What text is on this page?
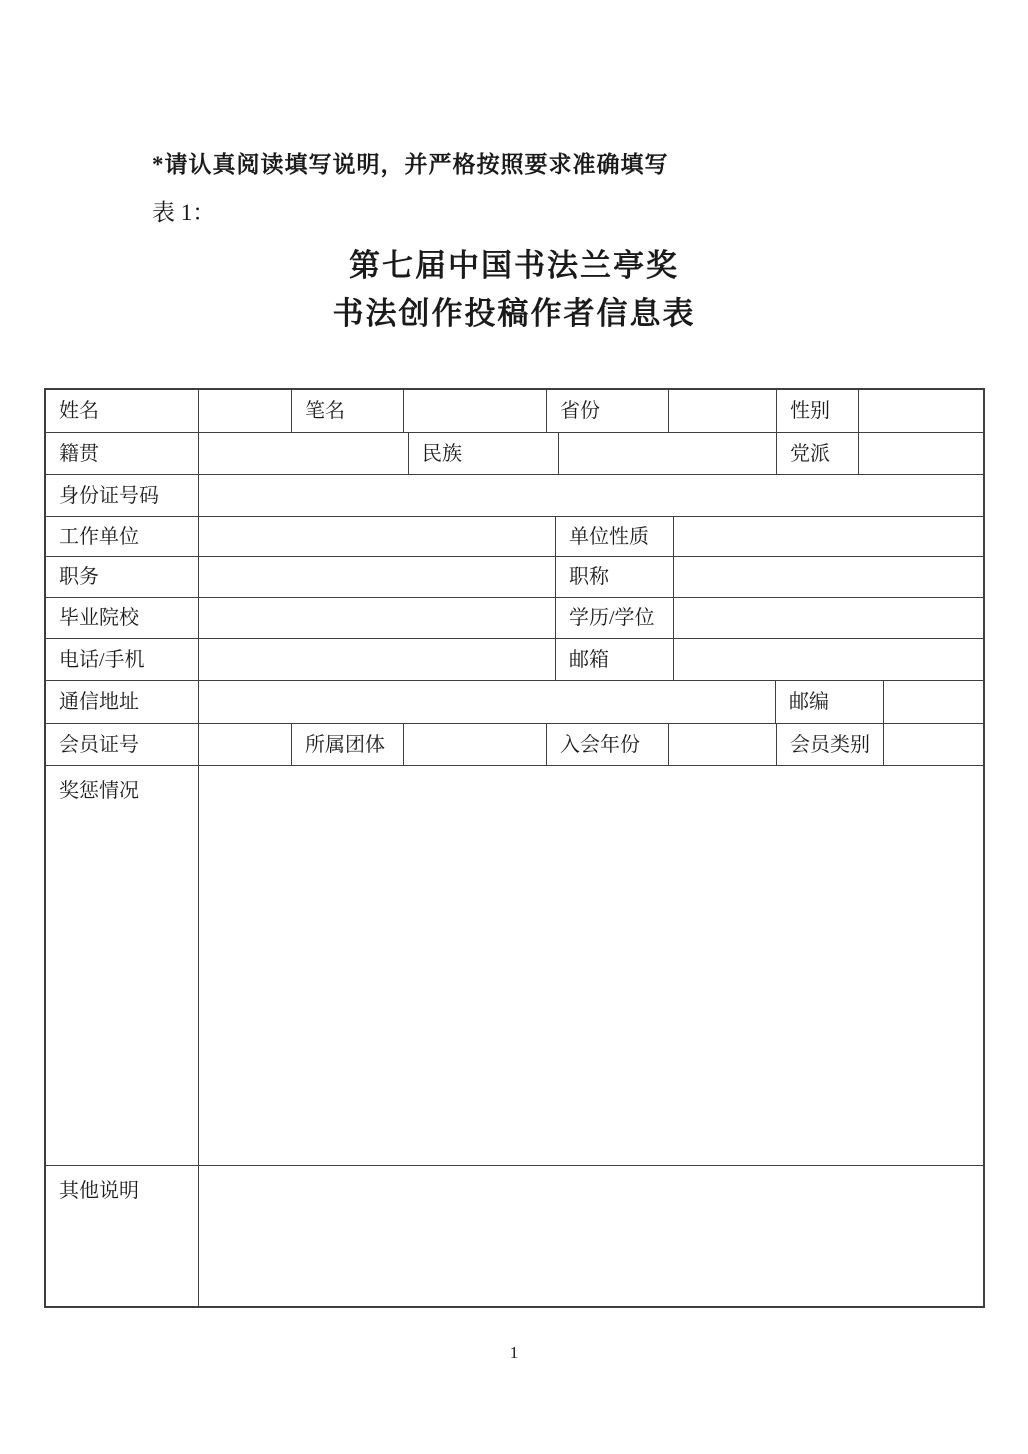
*请认真阅读填写说明，并严格按照要求准确填写
表 1：
第七届中国书法兰亭奖
书法创作投稿作者信息表
姓名	笔名	省份	性别
籍贯	民族	党派
身份证号码
工作单位	单位性质
职务	职称
毕业院校	学历/学位
电话/手机	邮箱
通信地址	邮编
会员证号	所属团体	入会年份	会员类别
奖惩情况
其他说明
1
